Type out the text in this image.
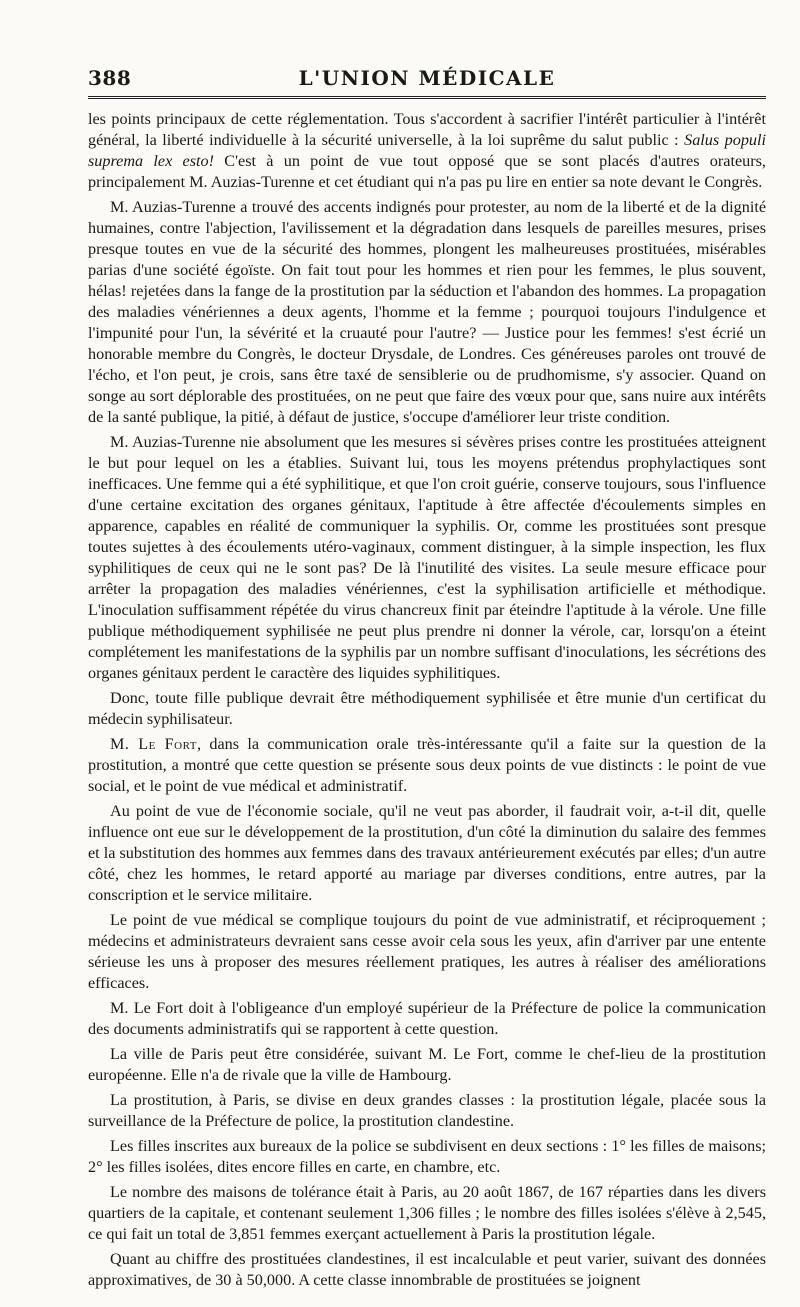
388	L'UNION MÉDICALE

les points principaux de cette réglementation. Tous s'accordent à sacrifier l'intérêt particulier à l'intérêt général, la liberté individuelle à la sécurité universelle, à la loi suprême du salut public : Salus populi suprema lex esto! C'est à un point de vue tout opposé que se sont placés d'autres orateurs, principalement M. Auzias-Turenne et cet étudiant qui n'a pas pu lire en entier sa note devant le Congrès.

M. Auzias-Turenne a trouvé des accents indignés pour protester, au nom de la liberté et de la dignité humaines, contre l'abjection, l'avilissement et la dégradation dans lesquels de pareilles mesures, prises presque toutes en vue de la sécurité des hommes, plongent les malheureuses prostituées, misérables parias d'une société égoïste. On fait tout pour les hommes et rien pour les femmes, le plus souvent, hélas! rejetées dans la fange de la prostitution par la séduction et l'abandon des hommes. La propagation des maladies vénériennes a deux agents, l'homme et la femme ; pourquoi toujours l'indulgence et l'impunité pour l'un, la sévérité et la cruauté pour l'autre? — Justice pour les femmes! s'est écrié un honorable membre du Congrès, le docteur Drysdale, de Londres. Ces généreuses paroles ont trouvé de l'écho, et l'on peut, je crois, sans être taxé de sensiblerie ou de prudhomisme, s'y associer. Quand on songe au sort déplorable des prostituées, on ne peut que faire des vœux pour que, sans nuire aux intérêts de la santé publique, la pitié, à défaut de justice, s'occupe d'améliorer leur triste condition.

M. Auzias-Turenne nie absolument que les mesures si sévères prises contre les prostituées atteignent le but pour lequel on les a établies. Suivant lui, tous les moyens prétendus prophylactiques sont inefficaces. Une femme qui a été syphilitique, et que l'on croit guérie, conserve toujours, sous l'influence d'une certaine excitation des organes génitaux, l'aptitude à être affectée d'écoulements simples en apparence, capables en réalité de communiquer la syphilis. Or, comme les prostituées sont presque toutes sujettes à des écoulements utéro-vaginaux, comment distinguer, à la simple inspection, les flux syphilitiques de ceux qui ne le sont pas? De là l'inutilité des visites. La seule mesure efficace pour arrêter la propagation des maladies vénériennes, c'est la syphilisation artificielle et méthodique. L'inoculation suffisamment répétée du virus chancreux finit par éteindre l'aptitude à la vérole. Une fille publique méthodiquement syphilisée ne peut plus prendre ni donner la vérole, car, lorsqu'on a éteint complétement les manifestations de la syphilis par un nombre suffisant d'inoculations, les sécrétions des organes génitaux perdent le caractère des liquides syphilitiques.

Donc, toute fille publique devrait être méthodiquement syphilisée et être munie d'un certificat du médecin syphilisateur.

M. Le Fort, dans la communication orale très-intéressante qu'il a faite sur la question de la prostitution, a montré que cette question se présente sous deux points de vue distincts : le point de vue social, et le point de vue médical et administratif.

Au point de vue de l'économie sociale, qu'il ne veut pas aborder, il faudrait voir, a-t-il dit, quelle influence ont eue sur le développement de la prostitution, d'un côté la diminution du salaire des femmes et la substitution des hommes aux femmes dans des travaux antérieurement exécutés par elles; d'un autre côté, chez les hommes, le retard apporté au mariage par diverses conditions, entre autres, par la conscription et le service militaire.

Le point de vue médical se complique toujours du point de vue administratif, et réciproquement ; médecins et administrateurs devraient sans cesse avoir cela sous les yeux, afin d'arriver par une entente sérieuse les uns à proposer des mesures réellement pratiques, les autres à réaliser des améliorations efficaces.

M. Le Fort doit à l'obligeance d'un employé supérieur de la Préfecture de police la communication des documents administratifs qui se rapportent à cette question.

La ville de Paris peut être considérée, suivant M. Le Fort, comme le chef-lieu de la prostitution européenne. Elle n'a de rivale que la ville de Hambourg.

La prostitution, à Paris, se divise en deux grandes classes : la prostitution légale, placée sous la surveillance de la Préfecture de police, la prostitution clandestine.

Les filles inscrites aux bureaux de la police se subdivisent en deux sections : 1° les filles de maisons; 2° les filles isolées, dites encore filles en carte, en chambre, etc.

Le nombre des maisons de tolérance était à Paris, au 20 août 1867, de 167 réparties dans les divers quartiers de la capitale, et contenant seulement 1,306 filles ; le nombre des filles isolées s'élève à 2,545, ce qui fait un total de 3,851 femmes exerçant actuellement à Paris la prostitution légale.

Quant au chiffre des prostituées clandestines, il est incalculable et peut varier, suivant des données approximatives, de 30 à 50,000. A cette classe innombrable de prostituées se joignent
